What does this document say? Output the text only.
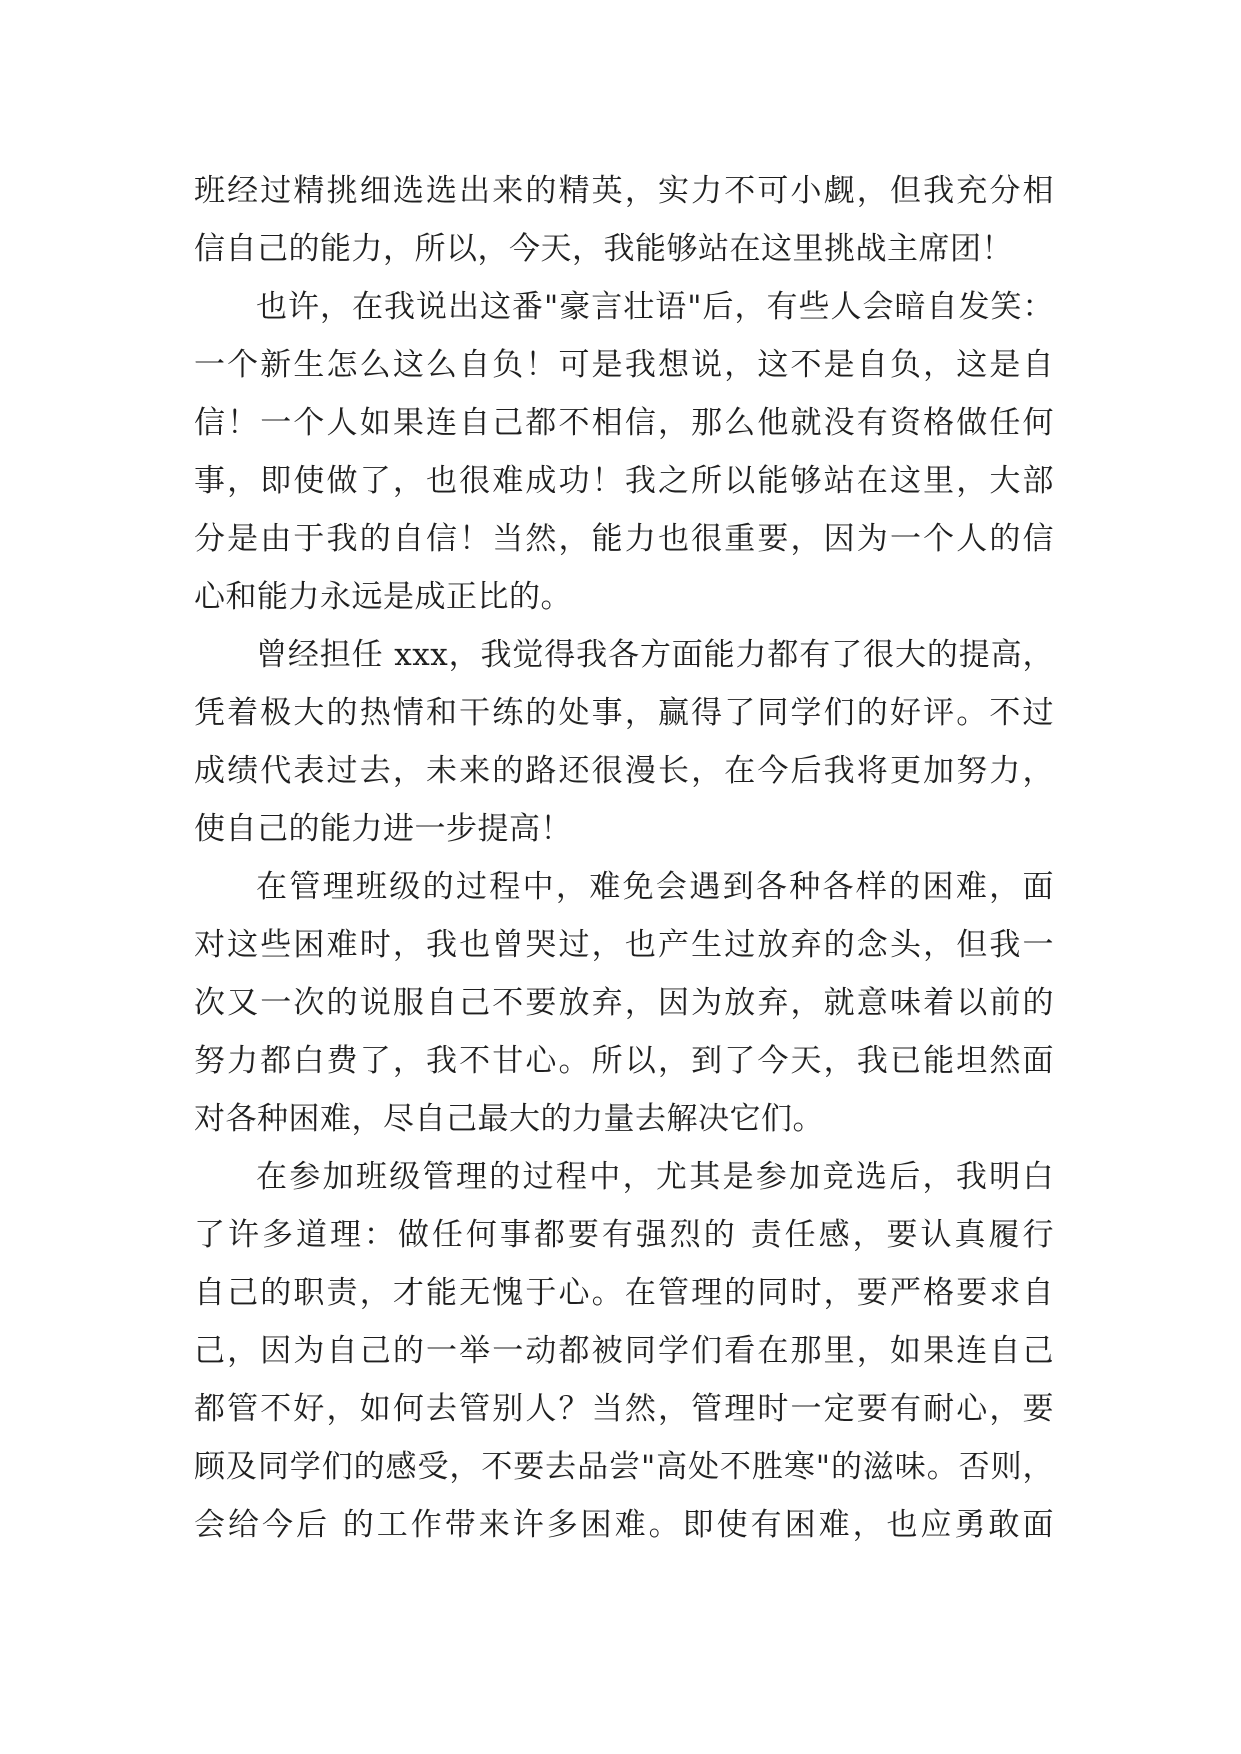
班经过精挑细选选出来的精英，实力不可小觑，但我充分相
信自己的能力，所以，今天，我能够站在这里挑战主席团！
也许，在我说出这番"豪言壮语"后，有些人会暗自发笑：
一个新生怎么这么自负！可是我想说，这不是自负，这是自
信！一个人如果连自己都不相信，那么他就没有资格做任何
事，即使做了，也很难成功！我之所以能够站在这里，大部
分是由于我的自信！当然，能力也很重要，因为一个人的信
心和能力永远是成正比的。
曾经担任 xxx，我觉得我各方面能力都有了很大的提高，
凭着极大的热情和干练的处事，赢得了同学们的好评。不过
成绩代表过去，未来的路还很漫长，在今后我将更加努力，
使自己的能力进一步提高！
在管理班级的过程中，难免会遇到各种各样的困难，面
对这些困难时，我也曾哭过，也产生过放弃的念头，但我一
次又一次的说服自己不要放弃，因为放弃，就意味着以前的
努力都白费了，我不甘心。所以，到了今天，我已能坦然面
对各种困难，尽自己最大的力量去解决它们。
在参加班级管理的过程中，尤其是参加竞选后，我明白
了许多道理：做任何事都要有强烈的 责任感，要认真履行
自己的职责，才能无愧于心。在管理的同时，要严格要求自
己，因为自己的一举一动都被同学们看在那里，如果连自己
都管不好，如何去管别人？当然，管理时一定要有耐心，要
顾及同学们的感受，不要去品尝"高处不胜寒"的滋味。否则，
会给今后 的工作带来许多困难。即使有困难，也应勇敢面
